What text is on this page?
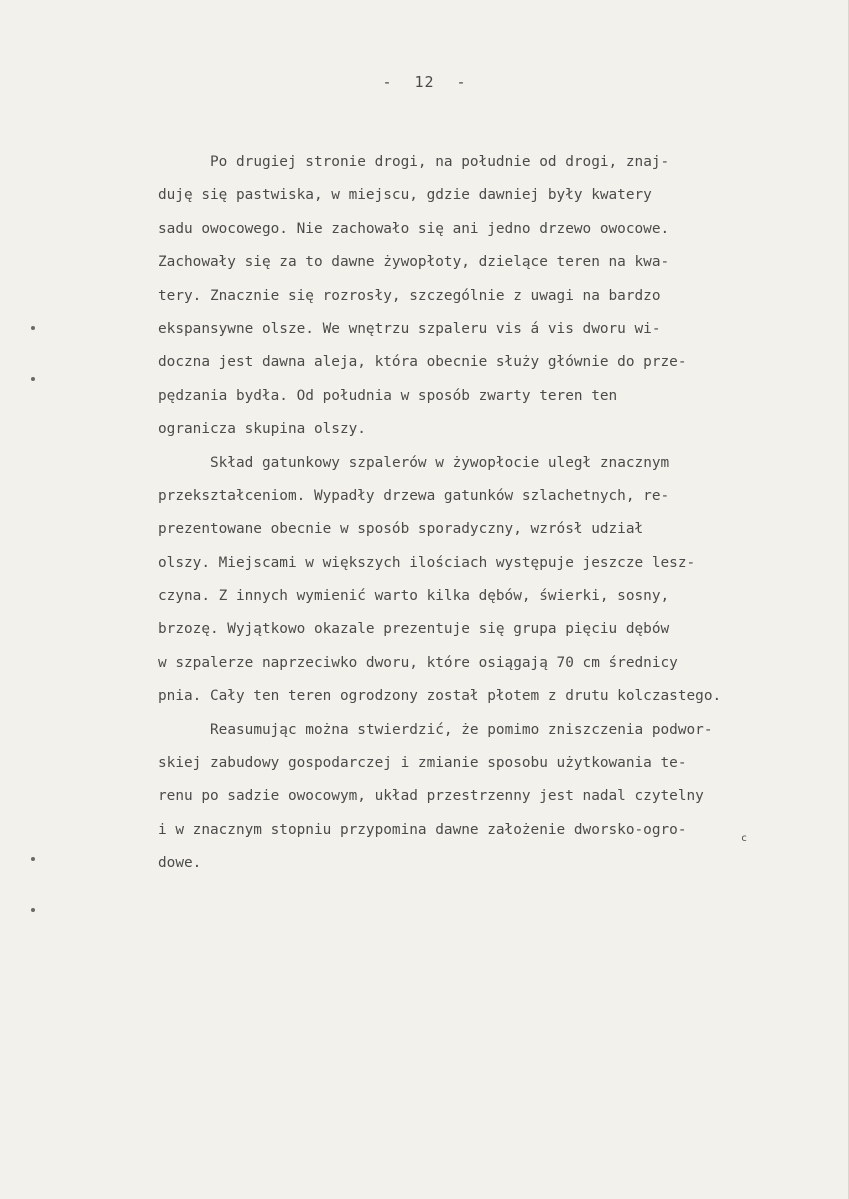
- 12 -
Po drugiej stronie drogi, na południe od drogi, znaj-
duję się pastwiska, w miejscu, gdzie dawniej były kwatery
sadu owocowego. Nie zachowało się ani jedno drzewo owocowe.
Zachowały się za to dawne żywopłoty, dzielące teren na kwa-
tery. Znacznie się rozrosły, szczególnie z uwagi na bardzo
ekspansywne olsze. We wnętrzu szpaleru vis á vis dworu wi-
doczna jest dawna aleja, która obecnie służy głównie do prze-
pędzania bydła. Od południa w sposób zwarty teren ten
ogranicza skupina olszy.
Skład gatunkowy szpalerów w żywopłocie uległ znacznym
przekształceniom. Wypadły drzewa gatunków szlachetnych, re-
prezentowane obecnie w sposób sporadyczny, wzrósł udział
olszy. Miejscami w większych ilościach występuje jeszcze lesz-
czyna. Z innych wymienić warto kilka dębów, świerki, sosny,
brzozę. Wyjątkowo okazale prezentuje się grupa pięciu dębów
w szpalerze naprzeciwko dworu, które osiągają 70 cm średnicy
pnia. Cały ten teren ogrodzony został płotem z drutu kolczastego.
Reasumując można stwierdzić, że pomimo zniszczenia podwor-
skiej zabudowy gospodarczej i zmianie sposobu użytkowania te-
renu po sadzie owocowym, układ przestrzenny jest nadal czytelny
i w znacznym stopniu przypomina dawne założenie dworsko-ogro-
dowe.
c
